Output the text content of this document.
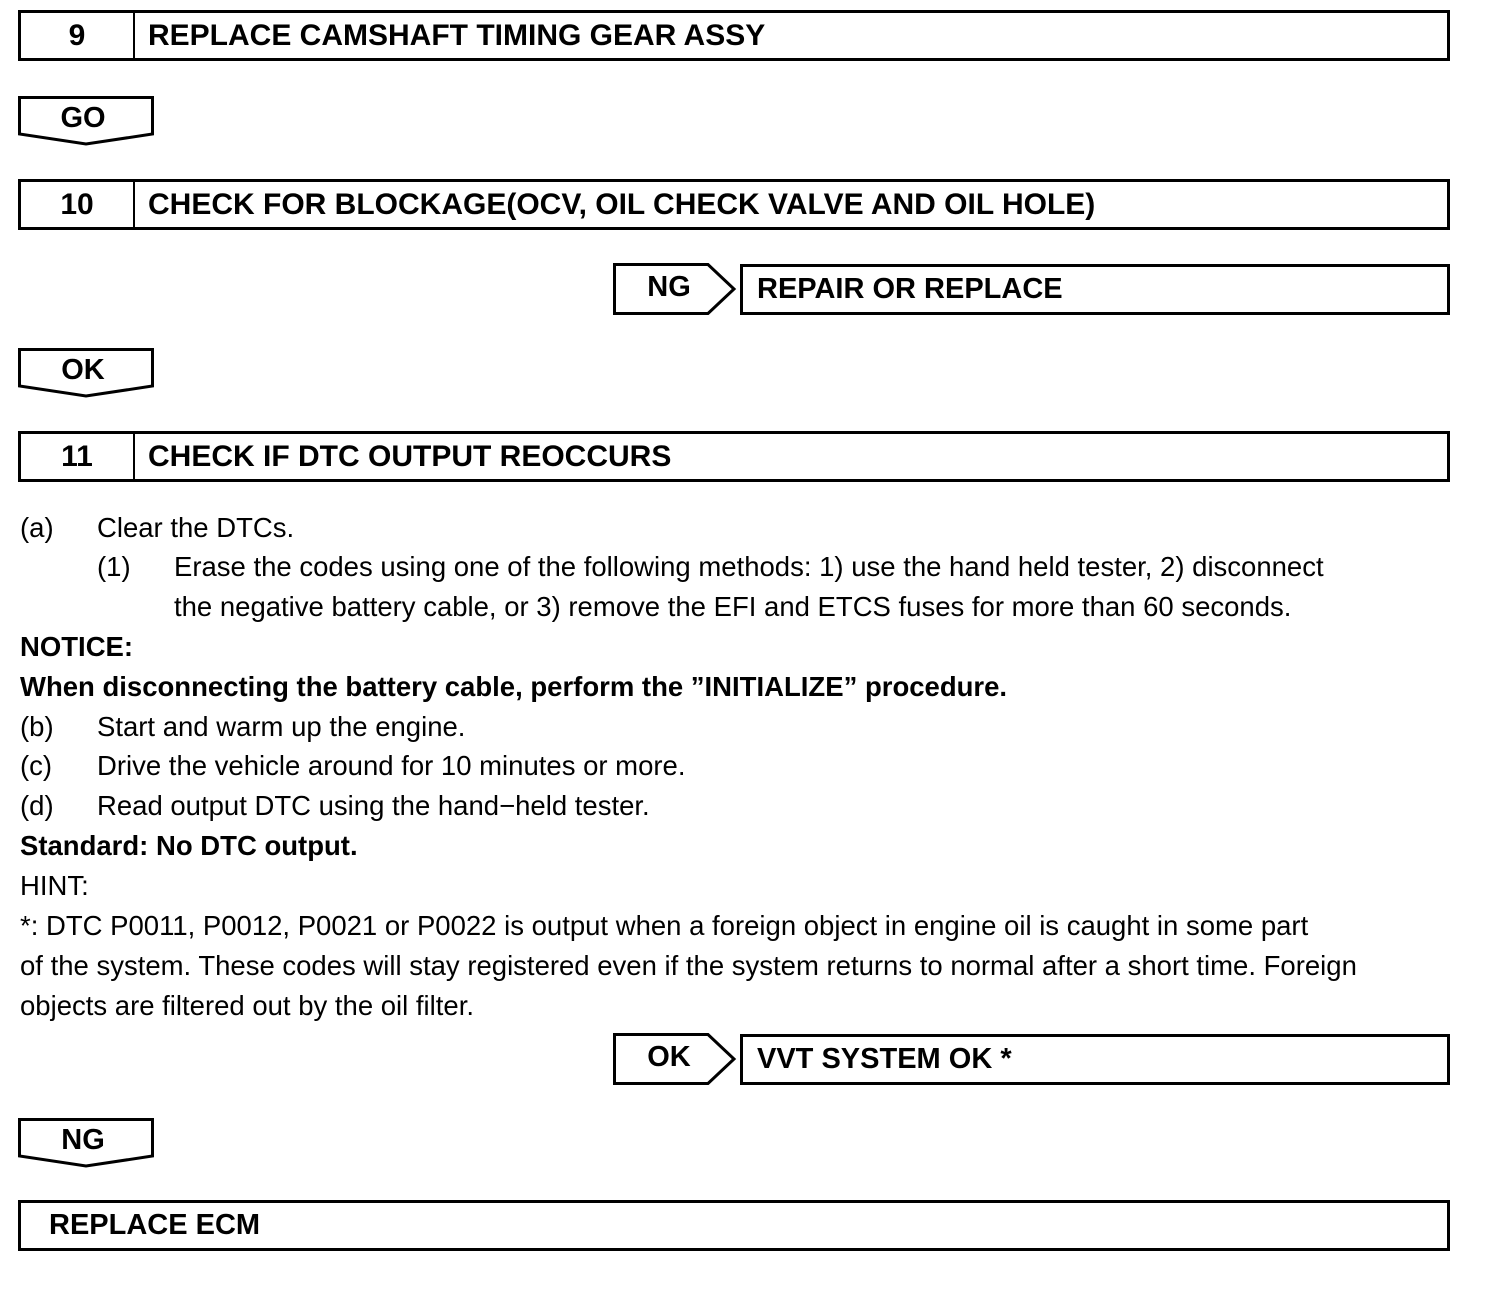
9	REPLACE CAMSHAFT TIMING GEAR ASSY
GO
10	CHECK FOR BLOCKAGE(OCV, OIL CHECK VALVE AND OIL HOLE)
NG	REPAIR OR REPLACE
OK
11	CHECK IF DTC OUTPUT REOCCURS
(a) Clear the DTCs.
(1) Erase the codes using one of the following methods: 1) use the hand held tester, 2) disconnect
the negative battery cable, or 3) remove the EFI and ETCS fuses for more than 60 seconds.
NOTICE:
When disconnecting the battery cable, perform the ”INITIALIZE” procedure.
(b) Start and warm up the engine.
(c) Drive the vehicle around for 10 minutes or more.
(d) Read output DTC using the hand−held tester.
Standard: No DTC output.
HINT:
*: DTC P0011, P0012, P0021 or P0022 is output when a foreign object in engine oil is caught in some part
of the system. These codes will stay registered even if the system returns to normal after a short time. Foreign
objects are filtered out by the oil filter.
OK	VVT SYSTEM OK *
NG
REPLACE ECM
